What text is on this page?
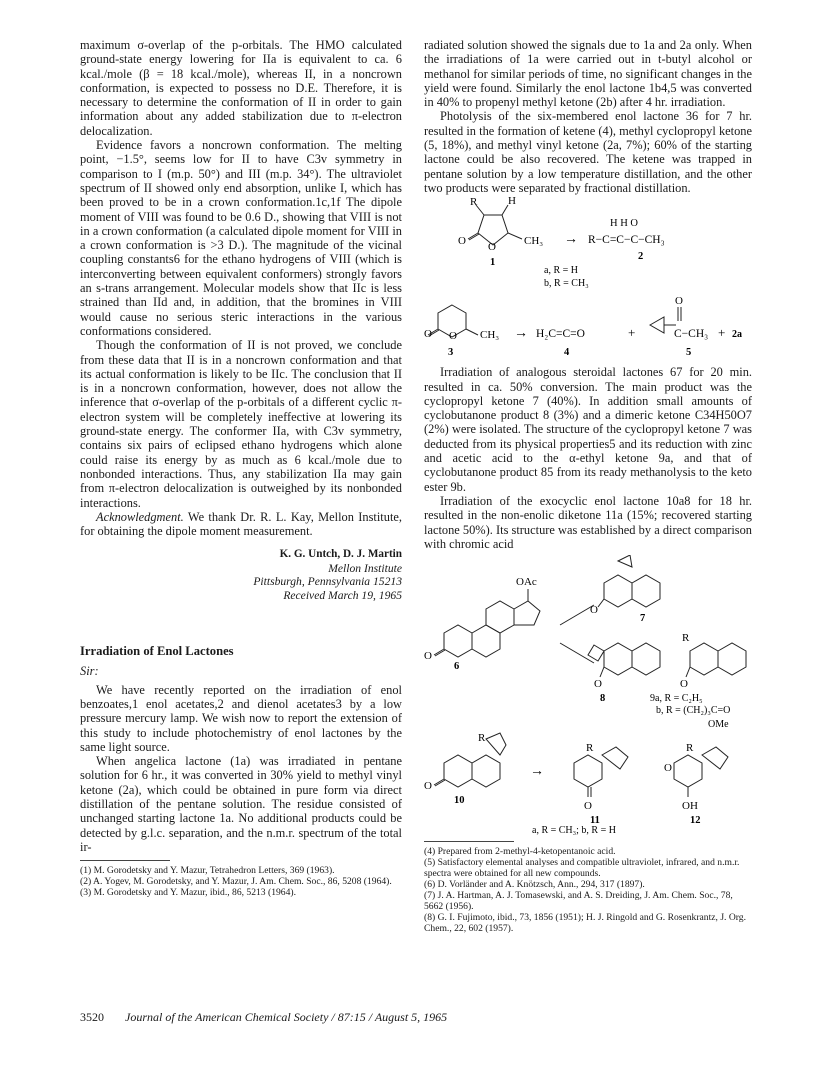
maximum σ-overlap of the p-orbitals. The HMO calculated ground-state energy lowering for IIa is equivalent to ca. 6 kcal./mole (β = 18 kcal./mole), whereas II, in a noncrown conformation, is expected to possess no D.E. Therefore, it is necessary to determine the conformation of II in order to gain information about any added stabilization due to π-electron delocalization.

Evidence favors a noncrown conformation. The melting point, −1.5°, seems low for II to have C3v symmetry in comparison to I (m.p. 50°) and III (m.p. 34°). The ultraviolet spectrum of II showed only end absorption, unlike I, which has been proved to be in a crown conformation.1c,1f The dipole moment of VIII was found to be 0.6 D., showing that VIII is not in a crown conformation (a calculated dipole moment for VIII in a crown conformation is >3 D.). The magnitude of the vicinal coupling constants6 for the ethano hydrogens of VIII (which is interconverting between equivalent conformers) strongly favors an s-trans arrangement. Molecular models show that IIc is less strained than IId and, in addition, that the bromines in VIII would cause no serious steric interactions in the various conformations considered.

Though the conformation of II is not proved, we conclude from these data that II is in a noncrown conformation and that its actual conformation is likely to be IIc. The conclusion that II is in a noncrown conformation, however, does not allow the inference that σ-overlap of the p-orbitals of a different cyclic π-electron system will be completely ineffective at lowering its ground-state energy. The conformer IIa, with C3v symmetry, contains six pairs of eclipsed ethano hydrogens which alone could raise its energy by as much as 6 kcal./mole due to nonbonded interactions. Thus, any stabilization IIa may gain from π-electron delocalization is outweighed by its nonbonded interactions.

Acknowledgment. We thank Dr. R. L. Kay, Mellon Institute, for obtaining the dipole moment measurement.

K. G. Untch, D. J. Martin
Mellon Institute
Pittsburgh, Pennsylvania 15213
Received March 19, 1965
Irradiation of Enol Lactones
Sir:

We have recently reported on the irradiation of enol benzoates,1 enol acetates,2 and dienol acetates3 by a low pressure mercury lamp. We wish now to report the extension of this study to include photochemistry of enol lactones by the same light source.

When angelica lactone (1a) was irradiated in pentane solution for 6 hr., it was converted in 30% yield to methyl vinyl ketone (2a), which could be obtained in pure form via direct distillation of the pentane solution. The residue consisted of unchanged starting lactone 1a. No additional products could be detected by g.l.c. separation, and the n.m.r. spectrum of the total ir-

(1) M. Gorodetsky and Y. Mazur, Tetrahedron Letters, 369 (1963).

(2) A. Yogev, M. Gorodetsky, and Y. Mazur, J. Am. Chem. Soc., 86, 5208 (1964).

(3) M. Gorodetsky and Y. Mazur, ibid., 86, 5213 (1964).

radiated solution showed the signals due to 1a and 2a only. When the irradiations of 1a were carried out in t-butyl alcohol or methanol for similar periods of time, no significant changes in the yield were found. Similarly the enol lactone 1b4,5 was converted in 40% to propenyl methyl ketone (2b) after 4 hr. irradiation.

Photolysis of the six-membered enol lactone 36 for 7 hr. resulted in the formation of ketene (4), methyl cyclopropyl ketone (5, 18%), and methyl vinyl ketone (2a, 7%); 60% of the starting lactone could be also recovered. The ketene was trapped in pentane solution by a low temperature distillation, and the other two products were separated by fractional distillation.

R	H
O O	CH₃ →
H H O
R−C=C−C−CH₃
1
2
a, R = H
b, R = CH₃
O O CH₃ → H₂C=C=O	+
O
C−CH₃ + 2a
3	4	5

Irradiation of analogous steroidal lactones 67 for 20 min. resulted in ca. 50% conversion. The main product was the cyclopropyl ketone 7 (40%). In addition small amounts of cyclobutanone product 8 (3%) and a dimeric ketone C34H50O7 (2%) were isolated. The structure of the cyclopropyl ketone 7 was deducted from its physical properties5 and its reduction with zinc and acetic acid to the α-ethyl ketone 9a, and that of cyclobutanone product 85 from its ready methanolysis to the keto ester 9b.

Irradiation of the exocyclic enol lactone 10a8 for 18 hr. resulted in the non-enolic diketone 11a (15%; recovered starting lactone 50%). Its structure was established by a direct comparison with chromic acid

OAc
O
6
O
7
O
8
R
O
9a, R = C₂H₅
b, R = (CH₂)₃C=O
OMe
R
O
10
→
R
O
11
R
O
OH
12
a, R = CH₃; b, R = H

(4) Prepared from 2-methyl-4-ketopentanoic acid.

(5) Satisfactory elemental analyses and compatible ultraviolet, infrared, and n.m.r. spectra were obtained for all new compounds.

(6) D. Vorländer and A. Knötzsch, Ann., 294, 317 (1897).

(7) J. A. Hartman, A. J. Tomasewski, and A. S. Dreiding, J. Am. Chem. Soc., 78, 5662 (1956).

(8) G. I. Fujimoto, ibid., 73, 1856 (1951); H. J. Ringold and G. Rosenkrantz, J. Org. Chem., 22, 602 (1957).

3520 Journal of the American Chemical Society / 87:15 / August 5, 1965
